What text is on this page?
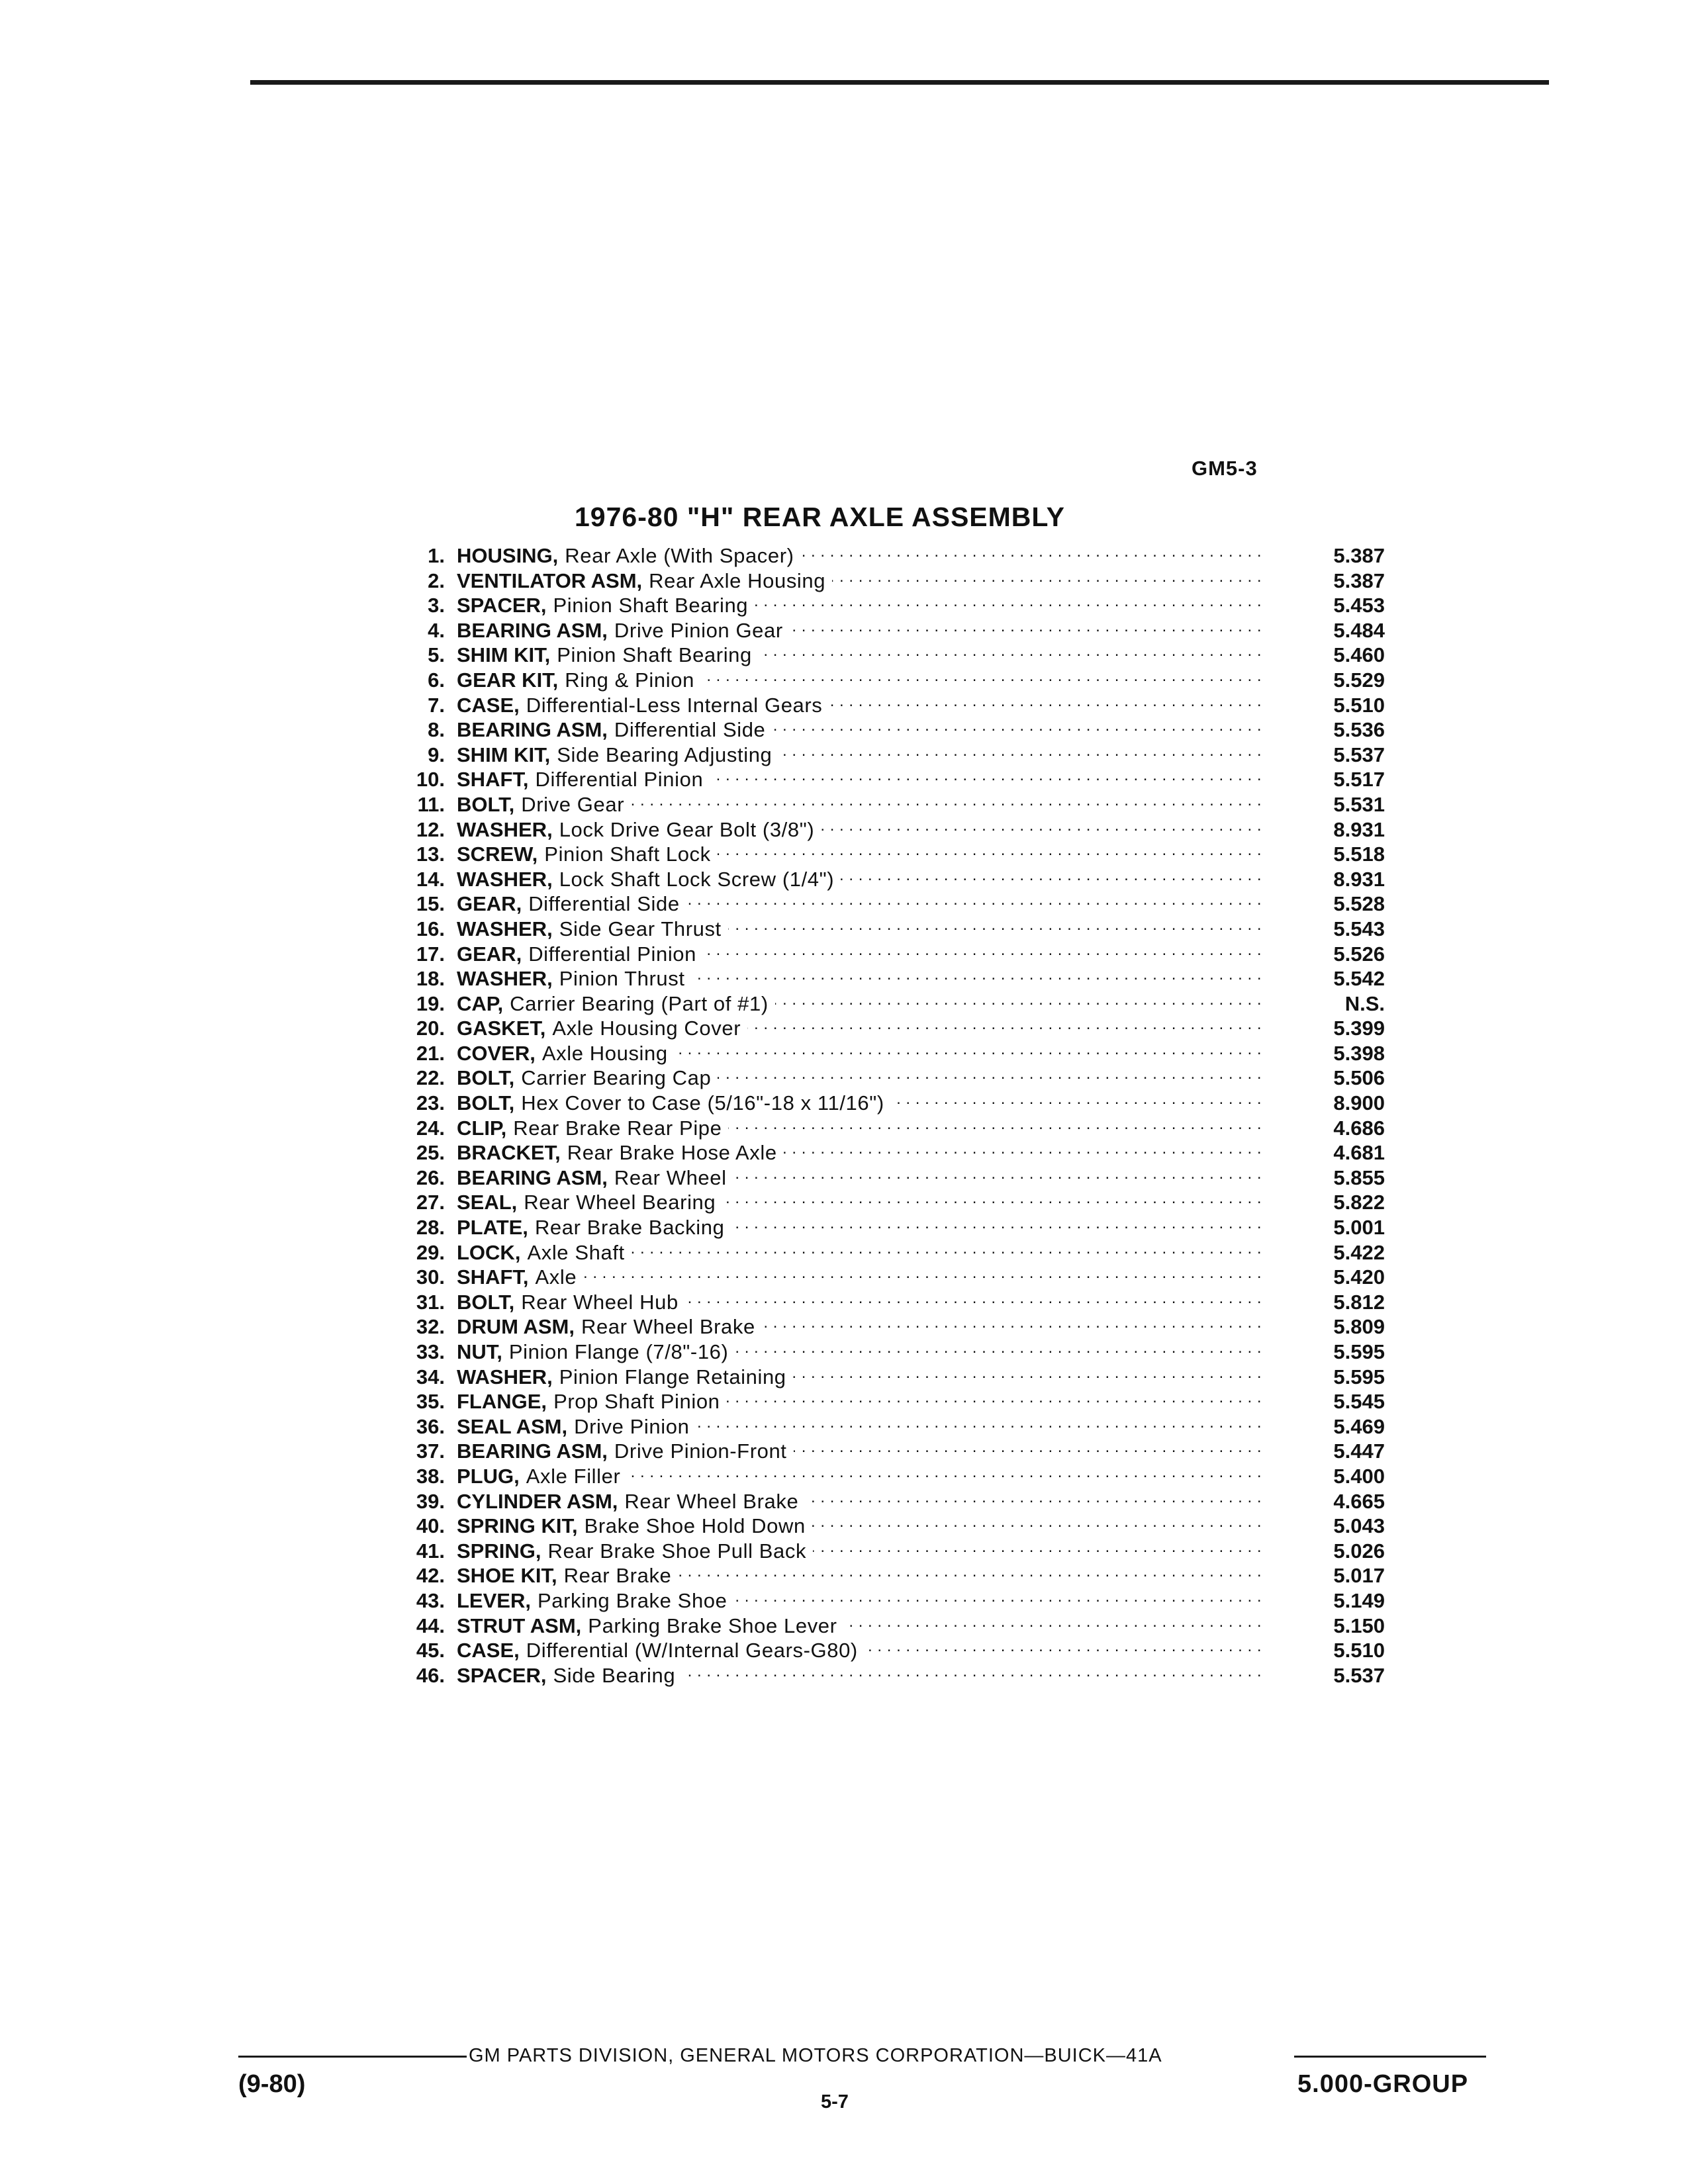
GM5-3
1976-80 "H" REAR AXLE ASSEMBLY
1. HOUSING, Rear Axle (With Spacer) . . .	5.387
2. VENTILATOR ASM, Rear Axle Housing . . .	5.387
3. SPACER, Pinion Shaft Bearing . . .	5.453
4. BEARING ASM, Drive Pinion Gear . . .	5.484
5. SHIM KIT, Pinion Shaft Bearing . . .	5.460
6. GEAR KIT, Ring & Pinion . . .	5.529
7. CASE, Differential-Less Internal Gears . . .	5.510
8. BEARING ASM, Differential Side . . .	5.536
9. SHIM KIT, Side Bearing Adjusting . . .	5.537
10. SHAFT, Differential Pinion . . .	5.517
11. BOLT, Drive Gear . . .	5.531
12. WASHER, Lock Drive Gear Bolt (3/8") . . .	8.931
13. SCREW, Pinion Shaft Lock . . .	5.518
14. WASHER, Lock Shaft Lock Screw (1/4") . . .	8.931
15. GEAR, Differential Side . . .	5.528
16. WASHER, Side Gear Thrust . . .	5.543
17. GEAR, Differential Pinion . . .	5.526
18. WASHER, Pinion Thrust . . .	5.542
19. CAP, Carrier Bearing (Part of #1) . . .	N.S.
20. GASKET, Axle Housing Cover . . .	5.399
21. COVER, Axle Housing . . .	5.398
22. BOLT, Carrier Bearing Cap . . .	5.506
23. BOLT, Hex Cover to Case (5/16"-18 x 11/16") . . .	8.900
24. CLIP, Rear Brake Rear Pipe . . .	4.686
25. BRACKET, Rear Brake Hose Axle . . .	4.681
26. BEARING ASM, Rear Wheel . . .	5.855
27. SEAL, Rear Wheel Bearing . . .	5.822
28. PLATE, Rear Brake Backing . . .	5.001
29. LOCK, Axle Shaft . . .	5.422
30. SHAFT, Axle . . .	5.420
31. BOLT, Rear Wheel Hub . . .	5.812
32. DRUM ASM, Rear Wheel Brake . . .	5.809
33. NUT, Pinion Flange (7/8"-16) . . .	5.595
34. WASHER, Pinion Flange Retaining . . .	5.595
35. FLANGE, Prop Shaft Pinion . . .	5.545
36. SEAL ASM, Drive Pinion . . .	5.469
37. BEARING ASM, Drive Pinion-Front . . .	5.447
38. PLUG, Axle Filler . . .	5.400
39. CYLINDER ASM, Rear Wheel Brake . . .	4.665
40. SPRING KIT, Brake Shoe Hold Down . . .	5.043
41. SPRING, Rear Brake Shoe Pull Back . . .	5.026
42. SHOE KIT, Rear Brake . . .	5.017
43. LEVER, Parking Brake Shoe . . .	5.149
44. STRUT ASM, Parking Brake Shoe Lever . . .	5.150
45. CASE, Differential (W/Internal Gears-G80) . . .	5.510
46. SPACER, Side Bearing . . .	5.537
GM PARTS DIVISION, GENERAL MOTORS CORPORATION—BUICK—41A
(9-80)
5-7
5.000-GROUP
